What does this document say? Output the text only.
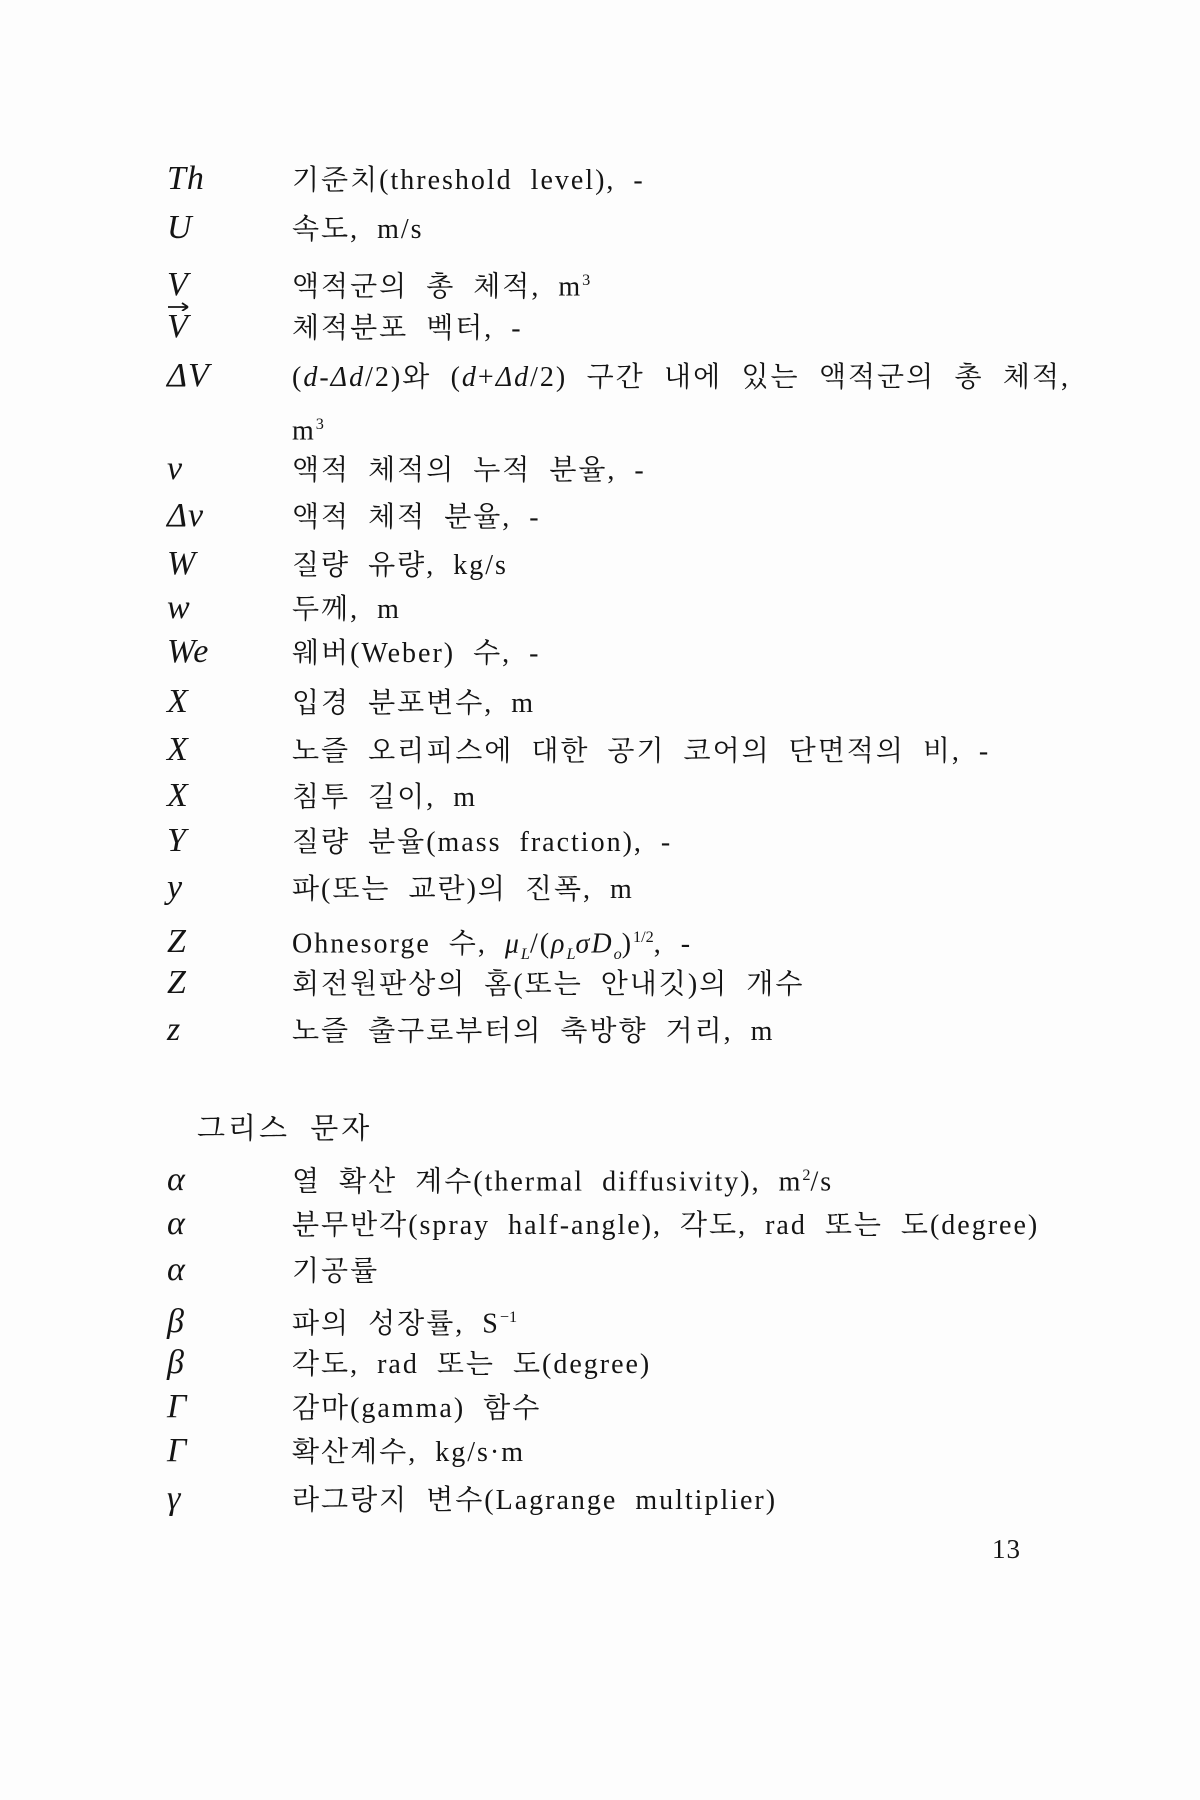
Th	기준치(threshold level), -
U	속도, m/s
V	액적군의 총 체적, $m^3$
V	체적분포 벡터, -
ΔV	(d-Δd/2)와 (d+Δd/2) 구간 내에 있는 액적군의 총 체적, $m^3$
v	액적 체적의 누적 분율, -
Δv	액적 체적 분율, -
W	질량 유량, kg/s
w	두께, m
We	웨버(Weber) 수, -
X	입경 분포변수, m
X	노즐 오리피스에 대한 공기 코어의 단면적의 비, -
X	침투 길이, m
Y	질량 분율(mass fraction), -
y	파(또는 교란)의 진폭, m
Z	Ohnesorge 수, $\mu_L/(\rho_L\sigma D_o)^{1/2}$, -
Z	회전원판상의 홈(또는 안내깃)의 개수
z	노즐 출구로부터의 축방향 거리, m
그리스 문자
α	열 확산 계수(thermal diffusivity), $m^2/s$
α	분무반각(spray half-angle), 각도, rad 또는 도(degree)
α	기공률
β	파의 성장률, $S^{-1}$
β	각도, rad 또는 도(degree)
Γ	감마(gamma) 함수
Γ	확산계수, kg/s·m
γ	라그랑지 변수(Lagrange multiplier)
13
